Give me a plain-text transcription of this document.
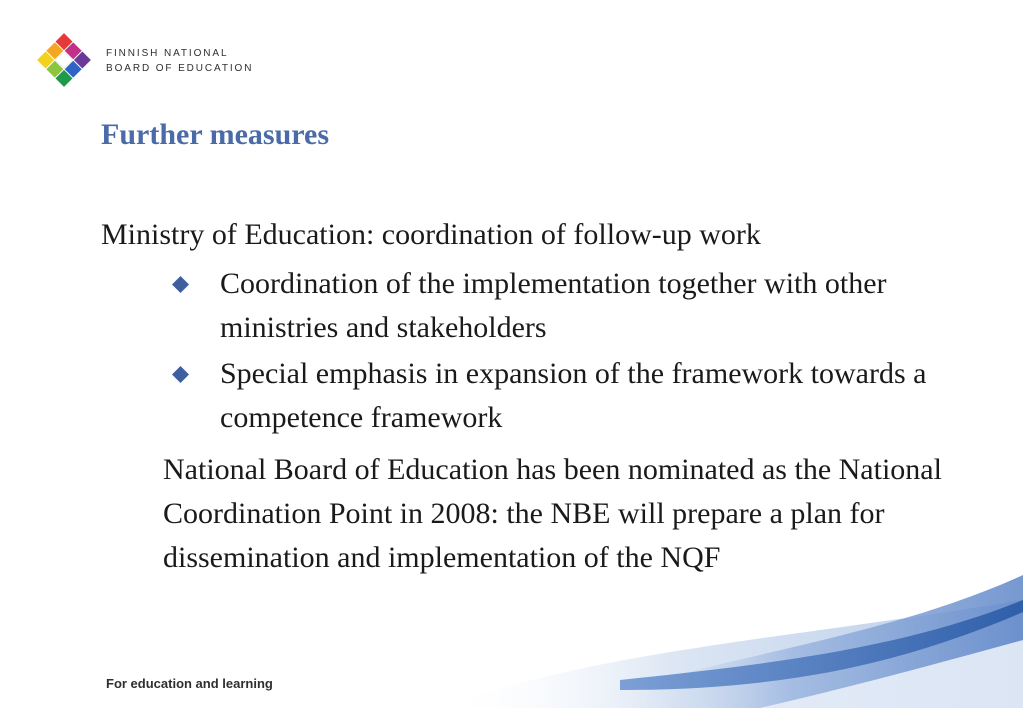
FINNISH NATIONAL
BOARD OF EDUCATION
Further measures

Ministry of Education: coordination of follow-up work

Coordination of the implementation together with other ministries and stakeholders
Special emphasis in expansion of the framework towards a competence framework

National Board of Education has been nominated as the National Coordination Point in 2008: the NBE will prepare a plan for dissemination and implementation of the NQF

For education and learning
